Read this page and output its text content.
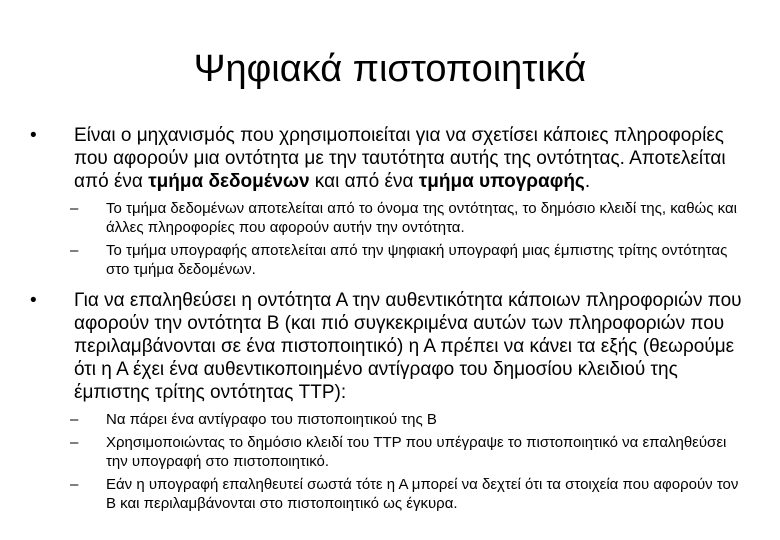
Ψηφιακά πιστοποιητικά
• Είναι ο μηχανισμός που χρησιμοποιείται για να σχετίσει κάποιες πληροφορίες που αφορούν μια οντότητα με την ταυτότητα αυτής της οντότητας. Αποτελείται από ένα τμήμα δεδομένων και από ένα τμήμα υπογραφής.
– Το τμήμα δεδομένων αποτελείται από το όνομα της οντότητας, το δημόσιο κλειδί της, καθώς και άλλες πληροφορίες που αφορούν αυτήν την οντότητα.
– Το τμήμα υπογραφής αποτελείται από την ψηφιακή υπογραφή μιας έμπιστης τρίτης οντότητας στο τμήμα δεδομένων.
• Για να επαληθεύσει η οντότητα Α την αυθεντικότητα κάποιων πληροφοριών που αφορούν την οντότητα Β (και πιό συγκεκριμένα αυτών των πληροφοριών που περιλαμβάνονται σε ένα πιστοποιητικό) η Α πρέπει να κάνει τα εξής (θεωρούμε ότι η Α έχει ένα αυθεντικοποιημένο αντίγραφο του δημοσίου κλειδιού της έμπιστης τρίτης οντότητας TTP):
– Να πάρει ένα αντίγραφο του πιστοποιητικού της Β
– Χρησιμοποιώντας το δημόσιο κλειδί του TTP που υπέγραψε το πιστοποιητικό να επαληθεύσει την υπογραφή στο πιστοποιητικό.
– Εάν η υπογραφή επαληθευτεί σωστά τότε η Α μπορεί να δεχτεί ότι τα στοιχεία που αφορούν τον Β και περιλαμβάνονται στο πιστοποιητικό ως έγκυρα.
